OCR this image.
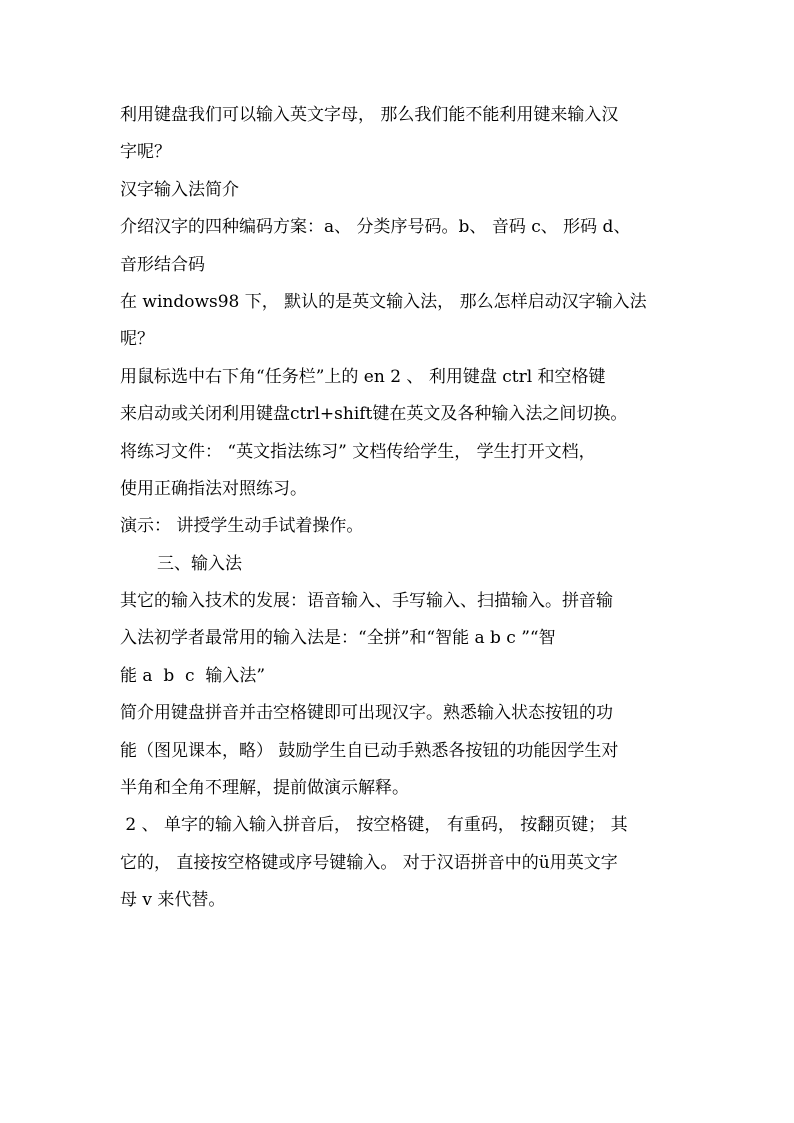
利用键盘我们可以输入英文字母， 那么我们能不能利用键来输入汉
字呢？
汉字输入法简介
介绍汉字的四种编码方案：a、 分类序号码。b、 音码 c、 形码 d、
音形结合码
在 windows98 下， 默认的是英文输入法， 那么怎样启动汉字输入法
呢？
用鼠标选中右下角“任务栏”上的 en 2 、 利用键盘 ctrl 和空格键
来启动或关闭利用键盘ctrl+shift键在英文及各种输入法之间切换。
将练习文件： “英文指法练习” 文档传给学生， 学生打开文档，
使用正确指法对照练习。
演示： 讲授学生动手试着操作。
三、输入法
其它的输入技术的发展：语音输入、手写输入、扫描输入。拼音输
入法初学者最常用的输入法是：“全拼”和“智能 a b c ”“智
能 a  b  c  输入法”
简介用键盘拼音并击空格键即可出现汉字。熟悉输入状态按钮的功
能（图见课本，略） 鼓励学生自已动手熟悉各按钮的功能因学生对
半角和全角不理解，提前做演示解释。
2 、 单字的输入输入拼音后， 按空格键， 有重码， 按翻页键； 其
它的， 直接按空格键或序号键输入。 对于汉语拼音中的ü用英文字
母 v 来代替。
